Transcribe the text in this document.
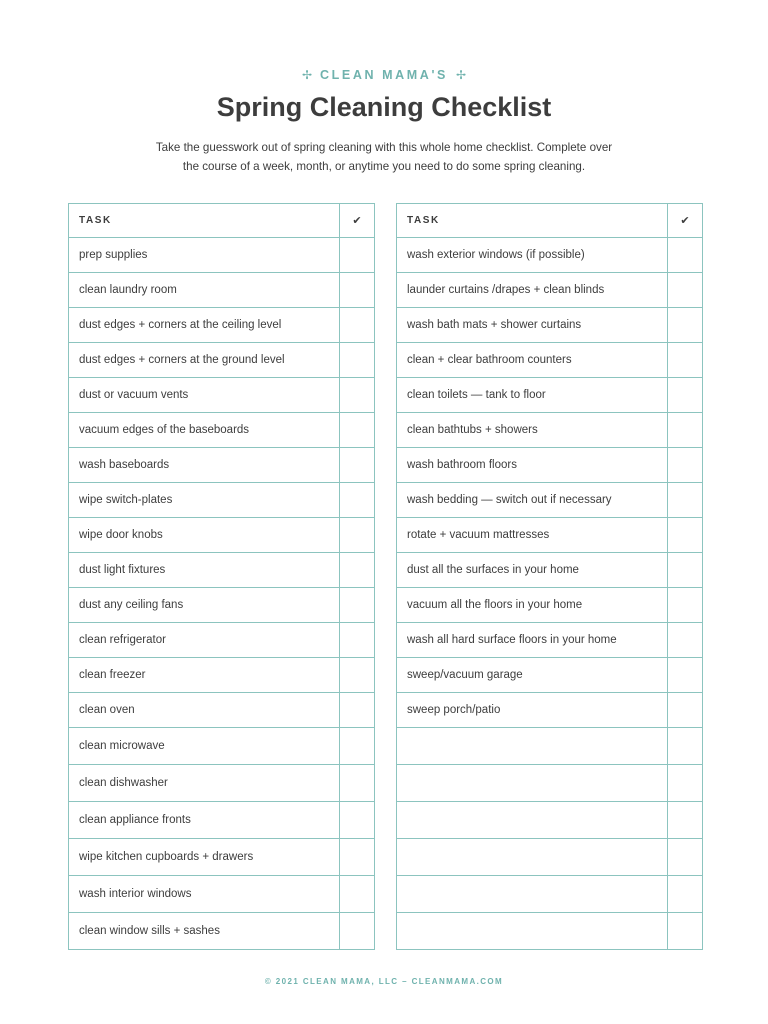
✢ CLEAN MAMA'S ✢
Spring Cleaning Checklist

Take the guesswork out of spring cleaning with this whole home checklist. Complete over
the course of a week, month, or anytime you need to do some spring cleaning.

TASK	✔
prep supplies	
clean laundry room	
dust edges + corners at the ceiling level	
dust edges + corners at the ground level	
dust or vacuum vents	
vacuum edges of the baseboards	
wash baseboards	
wipe switch-plates	
wipe door knobs	
dust light fixtures	
dust any ceiling fans	
clean refrigerator	
clean freezer	
clean oven	
clean microwave	
clean dishwasher	
clean appliance fronts	
wipe kitchen cupboards + drawers	
wash interior windows	
clean window sills + sashes	
TASK	✔
wash exterior windows (if possible)	
launder curtains /drapes + clean blinds	
wash bath mats + shower curtains	
clean + clear bathroom counters	
clean toilets — tank to floor	
clean bathtubs + showers	
wash bathroom floors	
wash bedding — switch out if necessary	
rotate + vacuum mattresses	
dust all the surfaces in your home	
vacuum all the floors in your home	
wash all hard surface floors in your home	
sweep/vacuum garage	
sweep porch/patio	

© 2021 CLEAN MAMA, LLC – CLEANMAMA.COM
